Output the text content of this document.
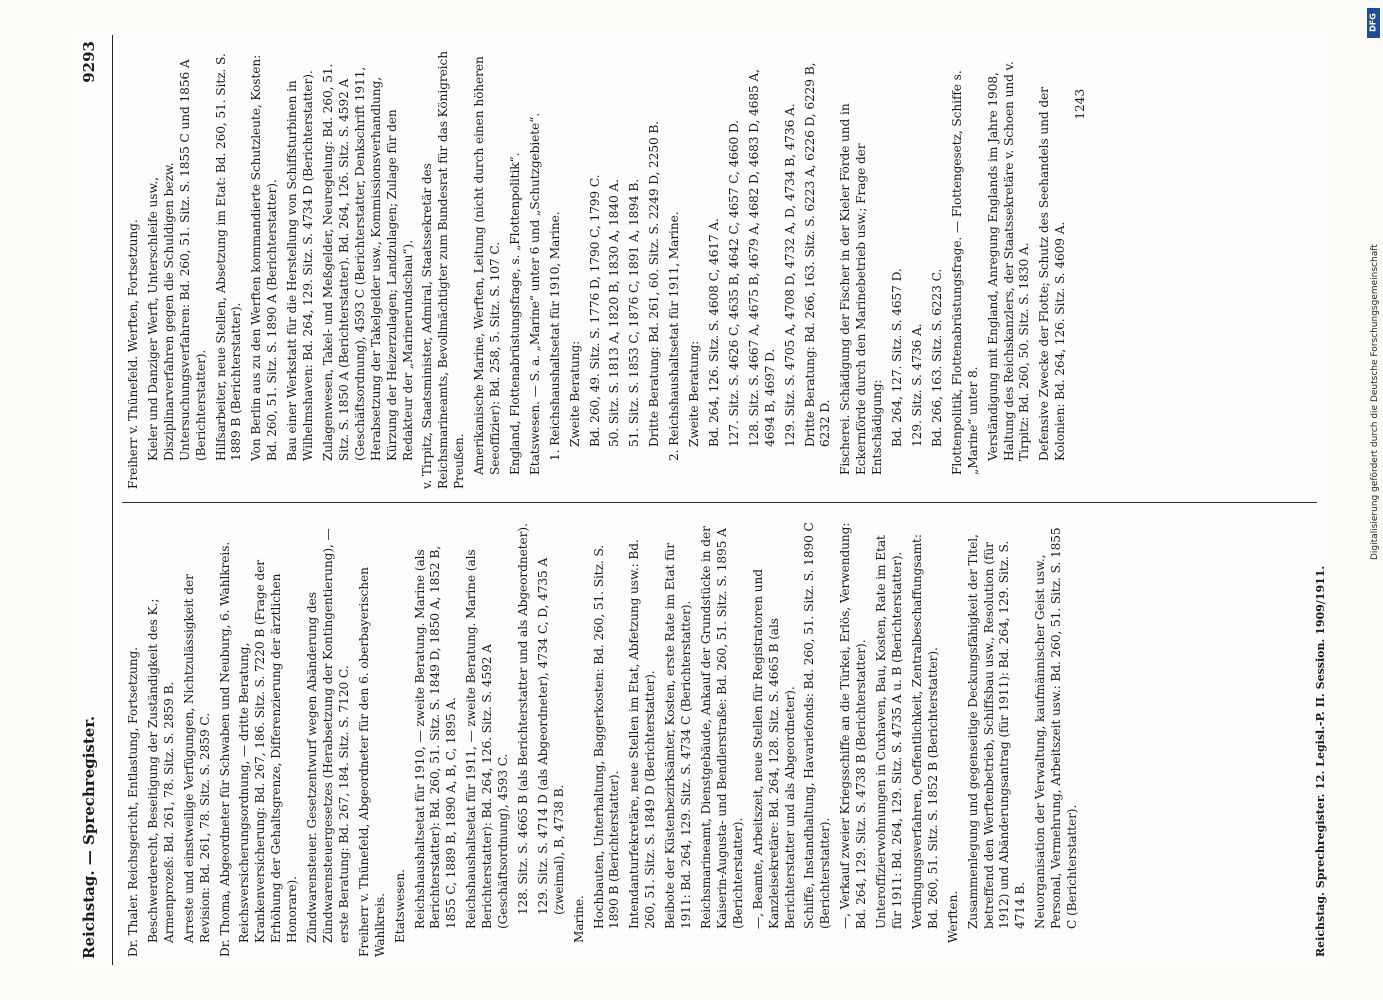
Reichstag. — Sprechregister.
9293
Dr. Thaler. Reichsgericht, Entlastung, Fortsetzung. Beschwerderecht, Beseitigung der Zuständigkeit des K.; Armenprozeß: Bd. 261, 78. Sitz. S. 2859 B. Arreste und einstweilige Verfügungen, Nichtzulässigkeit der Revision: Bd. 261, 78. Sitz. S. 2859 C. Dr. Thoma, Abgeordneter für Schwaben und Neuburg, 6. Wahlkreis. Reichsversicherungsordnung, — dritte Beratung, Krankenversicherung: Bd. 267, 186. Sitz. S. 7220 B (Frage der Erhöhung der Gehaltsgrenze, Differenzierung der ärztlichen Honorare). Zündwarensteuer. Gesetzentwurf wegen Abänderung des Zündwarensteuergesetzes (Herabsetzung der Kontingentierung), — erste Beratung: Bd. 267, 184. Sitz. S. 7120 C. Freiherr v. Thünefeld, Abgeordneter für den 6. oberbayerischen Wahlkreis. Etatswesen. Reichshaushaltsetat für 1910, — zweite Beratung. Marine (als Berichterstatter): Bd. 260, 51. Sitz. S. 1849 D, 1850 A, 1852 B, 1855 C, 1889 B, 1890 A, B, C, 1895 A. Reichshaushaltsetat für 1911, — zweite Beratung. Marine (als Berichterstatter): Bd. 264, 126. Sitz. S. 4592 A (Geschäftsordnung), 4593 C. 128. Sitz. S. 4665 B (als Berichterstatter und als Abgeordneter). 129. Sitz. S. 4714 D (als Abgeordneter), 4734 C, D, 4735 A (zweimal), B, 4738 B.
Marine. Hochbauten, Unterhaltung, Baggerkosten: Bd. 260, 51. Sitz. S. 1890 B (Berichterstatter). Intendanturfekretäre, neue Stellen im Etat, Abfetzung usw.: Bd. 260, 51. Sitz. S. 1849 D (Berichterstatter). Beibote der Küstenbezirksämter, Kosten, erste Rate im Etat für 1911: Bd. 264, 129. Sitz. S. 4734 C (Berichterstatter). Reichsmarineamt, Dienstgebäude, Ankauf der Grundstücke in der Kaiserin-Augusta- und Bendlerstraße: Bd. 260, 51. Sitz. S. 1895 A (Berichterstatter). —, Beamte, Arbeitszeit, neue Stellen für Registratoren und Kanzleisekretäre: Bd. 264, 128. Sitz. S. 4665 B (als Berichterstatter und als Abgeordneter). Schiffe, Instandhaltung, Havariefonds: Bd. 260, 51. Sitz. S. 1890 C (Berichterstatter). —, Verkauf zweier Kriegsschiffe an die Türkei, Erlös, Verwendung: Bd. 264, 129. Sitz. S. 4738 B (Berichterstatter). Unteroffizierwohnungen in Cuxhaven, Bau, Kosten, Rate im Etat für 1911: Bd. 264, 129. Sitz. S. 4735 A u. B (Berichterstatter). Verdingungsverfahren, Oeffentlichkeit, Zentralbeschaffungsamt: Bd. 260, 51. Sitz. S. 1852 B (Berichterstatter). Werften. Zusammenlegung und gegenseitige Deckungsfähigkeit der Titel, betreffend den Werftenbetrieb, Schiffsbau usw., Resolution (für 1912) und Abänderungsantrag (für 1911): Bd. 264, 129. Sitz. S. 4714 B. Neuorganisation der Verwaltung, kaufmännischer Geist usw., Personal, Vermehrung, Arbeitszeit usw.: Bd. 260, 51. Sitz. S. 1855 C (Berichterstatter).
Freiherr v. Thünefeld. Werften, Fortsetzung. Kieler und Danziger Werft, Unterschleife usw., Disziplinarverfahren gegen die Schuldigen bezw. Untersuchungsverfahren: Bd. 260, 51. Sitz. S. 1855 C und 1856 A (Berichterstatter). Hilfsarbeiter, neue Stellen, Absetzung im Etat: Bd. 260, 51. Sitz. S. 1889 B (Berichterstatter). Von Berlin aus zu den Werften kommandierte Schutzleute, Kosten: Bd. 260, 51. Sitz. S. 1890 A (Berichterstatter). Bau einer Werkstatt für die Herstellung von Schiffsturbinen in Wilhelmshaven: Bd. 264, 129. Sitz. S. 4734 D (Berichterstatter). Zulagenwesen, Takel- und Meßgelder, Neuregelung: Bd. 260, 51. Sitz. S. 1850 A (Berichterstatter). Bd. 264, 126. Sitz. S. 4592 A (Geschäftsordnung), 4593 C (Berichterstatter, Denkschrift 1911, Herabsetzung der Takelgelder usw., Kommissionsverhandlung, Kürzung der Heizerzulagen; Landzulagen; Zulage für den Redakteur der „Marinerundschau“). v. Tirpitz, Staatsminister, Admiral, Staatssekretär des Reichsmarineamts, Bevollmächtigter zum Bundesrat für das Königreich Preußen. Amerikanische Marine, Werften, Leitung (nicht durch einen höheren Seeoffizier): Bd. 258, 5. Sitz. S. 107 C. England, Flottenabrüstungsfrage, s. „Flottenpolitik“. Etatswesen. — S. a. „Marine“ unter 6 und „Schutzgebiete“. 1. Reichshaushaltsetat für 1910, Marine. Zweite Beratung: Bd. 260, 49. Sitz. S. 1776 D, 1790 C, 1799 C. 50. Sitz. S. 1813 A, 1820 B, 1830 A, 1840 A. 51. Sitz. S. 1853 C, 1876 C, 1891 A, 1894 B. Dritte Beratung: Bd. 261, 60. Sitz. S. 2249 D, 2250 B. 2. Reichshaushaltsetat für 1911, Marine. Zweite Beratung: Bd. 264, 126. Sitz. S. 4608 C, 4617 A. 127. Sitz. S. 4626 C, 4635 B, 4642 C, 4657 C, 4660 D. 128. Sitz. S. 4667 A, 4675 B, 4679 A, 4682 D, 4683 D, 4685 A, 4694 B, 4697 D. 129. Sitz. S. 4705 A, 4708 D, 4732 A, D, 4734 B, 4736 A. Dritte Beratung: Bd. 266, 163. Sitz. S. 6223 A, 6226 D, 6229 B, 6232 D. Fischerei. Schädigung der Fischer in der Kieler Förde und in Eckernförde durch den Marinebetrieb usw.; Frage der Entschädigung: Bd. 264, 127. Sitz. S. 4657 D. 129. Sitz. S. 4736 A. Bd. 266, 163. Sitz. S. 6223 C. Flottenpolitik, Flottenabrüstungsfrage. — Flottengesetz, Schiffe s. „Marine“ unter 8. Verständigung mit England, Anregung Englands im Jahre 1908, Haltung des Reichskanzlers, der Staatssekretäre v. Schoen und v. Tirpitz: Bd. 260, 50. Sitz. S. 1830 A. Defensive Zwecke der Flotte; Schutz des Seehandels und der Kolonien: Bd. 264, 126. Sitz. S. 4609 A.
1243
Reichstag. Sprechregister. 12. Legisl.-P. II. Session. 1909/1911.
DFG
Digitalisierung gefördert durch die Deutsche Forschungsgemeinschaft
